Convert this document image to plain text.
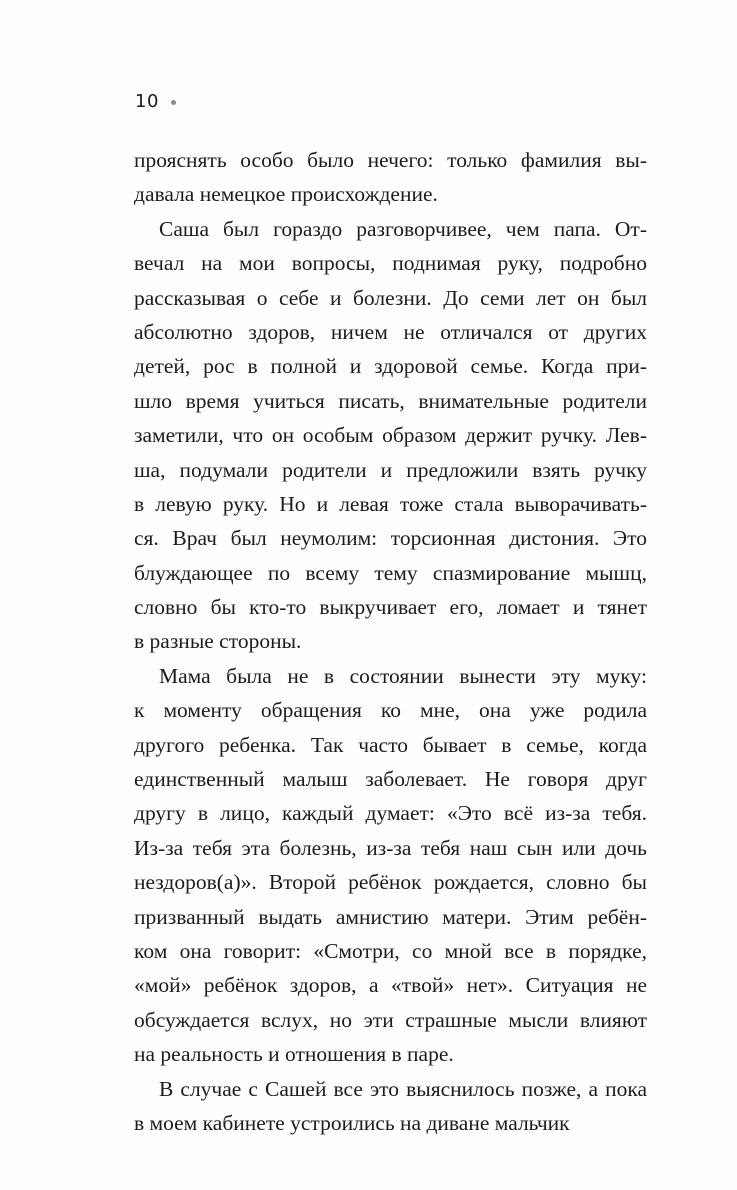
10
прояснять особо было нечего: только фамилия вы-
давала немецкое происхождение.
Саша был гораздо разговорчивее, чем папа. От-
вечал на мои вопросы, поднимая руку, подробно
рассказывая о себе и болезни. До семи лет он был
абсолютно здоров, ничем не отличался от других
детей, рос в полной и здоровой семье. Когда при-
шло время учиться писать, внимательные родители
заметили, что он особым образом держит ручку. Лев-
ша, подумали родители и предложили взять ручку
в левую руку. Но и левая тоже стала выворачивать-
ся. Врач был неумолим: торсионная дистония. Это
блуждающее по всему тему спазмирование мышц,
словно бы кто-то выкручивает его, ломает и тянет
в разные стороны.
Мама была не в состоянии вынести эту муку:
к моменту обращения ко мне, она уже родила
другого ребенка. Так часто бывает в семье, когда
единственный малыш заболевает. Не говоря друг
другу в лицо, каждый думает: «Это всё из-за тебя.
Из-за тебя эта болезнь, из-за тебя наш сын или дочь
нездоров(а)». Второй ребёнок рождается, словно бы
призванный выдать амнистию матери. Этим ребён-
ком она говорит: «Смотри, со мной все в порядке,
«мой» ребёнок здоров, а «твой» нет». Ситуация не
обсуждается вслух, но эти страшные мысли влияют
на реальность и отношения в паре.
В случае с Сашей все это выяснилось позже, а пока
в моем кабинете устроились на диване мальчик
